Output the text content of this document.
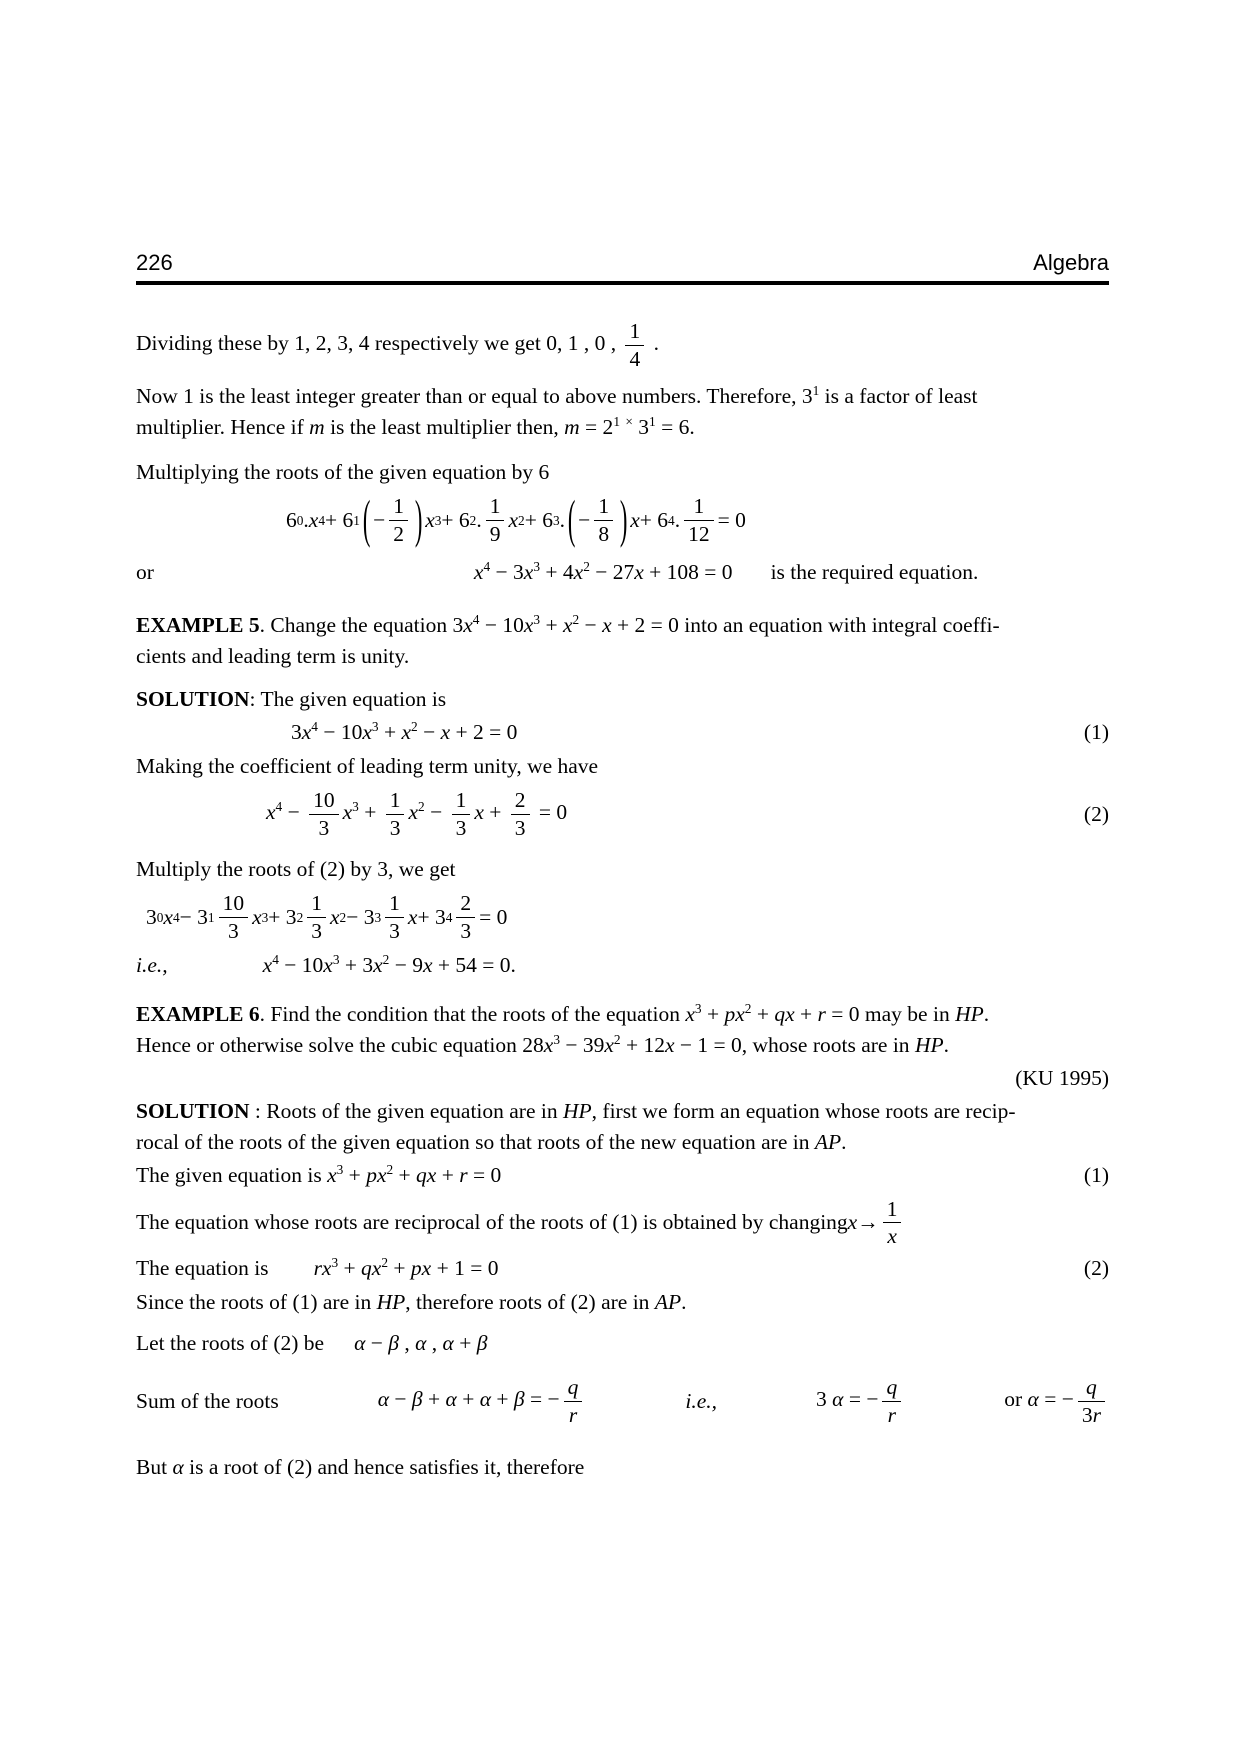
226	Algebra

Dividing these by 1, 2, 3, 4 respectively we get 0, 1 , 0 , $\frac{1}{4}$ .

Now 1 is the least integer greater than or equal to above numbers. Therefore, $3^1$ is a factor of least
multiplier. Hence if m is the least multiplier then, $m = 2^1$ × $3^1 = 6$.

Multiplying the roots of the given equation by 6

6 0 . x 4 + 6 1 ( − $\frac{1}{2}$ ) x 3 + 6 2 . $\frac{1}{9}$ x 2 + 6 3 . ( − $\frac{1}{8}$ ) x + 6 4 . $\frac{1}{12} = 0$
or	$x^4 - 3x^3 + 4x^2 - 27x + 108 = 0$ is the required equation.

EXAMPLE 5. Change the equation $3x^4 - 10x^3 + x^2 - x + 2 = 0$ into an equation with integral coeffi-
cients and leading term is unity.

SOLUTION: The given equation is

$3x^4 - 10x^3 + x^2 - x + 2 = 0$	(1)

Making the coefficient of leading term unity, we have

$x^4 - \frac{10}{3} x^3 + \frac{1}{3} x^2 - \frac{1}{3}$ $x + \frac{2}{3} = 0$	(2)

Multiply the roots of (2) by 3, we get

3 0 x 4 − 3 $1 \frac{10}{3}$ x 3 + 3 $2 \frac{1}{3}$ x 2 − 3 $3 \frac{1}{3}$ x + 3 $4 \frac{2}{3} = 0$
i.e.,	$x^4 - 10x^3 + 3x^2 - 9x + 54 = 0$.

EXAMPLE 6. Find the condition that the roots of the equation $x^3 + px^2$ + qx + r = 0 may be in HP.
Hence or otherwise solve the cubic equation $28x^3 - 39x^2 + 12x - 1 = 0$, whose roots are in HP.

(KU 1995)

SOLUTION : Roots of the given equation are in HP, first we form an equation whose roots are recip-
rocal of the roots of the given equation so that roots of the new equation are in AP.

The given equation is $x^3 + px^2$ + qx + r = 0	(1)
The equation whose roots are reciprocal of the roots of (1) is obtained by changing $x \to \frac{1}{x}$
The equation is $rx^3 + qx^2$ + px + 1 = 0	(2)

Since the roots of (1) are in HP, therefore roots of (2) are in AP.

Let the roots of (2) be α − β , α , α + β

Sum of the roots	α − β + α + α + β = − $\frac{q}{r}$	i.e.,	3 α = − $\frac{q}{r}$	or α = − $\frac{q}{3r}$

But α is a root of (2) and hence satisfies it, therefore
